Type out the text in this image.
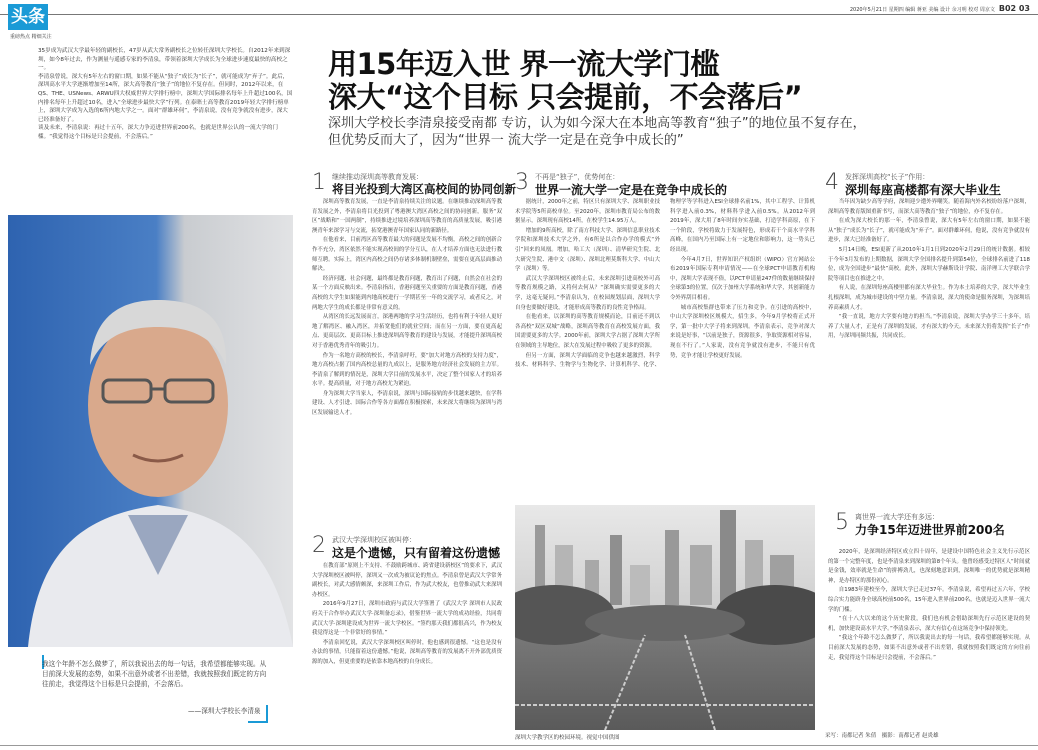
头条
重磅热点 精细关注
2020年5月21日 星期四 编辑 蒋亚 美编 设计 余习明 校对 周京文 B02 03

35岁成为武汉大学最年轻的副校长，47岁从武大常务副校长之位转任深圳大学校长。自2012年来到深圳，如今8年过去，作为测量与遥感专家的李清泉，带领着深圳大学成长为全球进步速度最快的高校之一。

李清泉曾说，深大有5年左右的窗口期，如果不能从“独子”成长为“长子”，就可能成为“弃子”。此后，深圳高水平大学逐渐增加至14所，深大高等教育“独子”的地位不复存在。但同时，2012年以来，在QS、THE、USNews、ARWU四大权威世界大学排行榜中，深圳大学国际排名每年上升超过100名，国内排名每年上升超过10名，进入“全球进步最快大学”行列。在泰晤士高等教育2019年轻大学排行榜单上，深圳大学成为入选的6所内地大学之一。面对“群雄环伺”，李清泉说，没有竞争就没有进步，深大已经准备好了。

谈及未来，李清泉说：再过十五年，深大力争迈进世界前200名，也就是世界公认的一流大学的门槛。“我觉得这个目标是只会提前，不会落后。”

用15年迈入世 界一流大学门槛
深大“这个目标 只会提前，不会落后”
深圳大学校长李清泉接受南都 专访，认为如今深大在本地高等教育“独子”的地位虽不复存在，
但优势反而大了，因为“世界一 流大学一定是在竞争中成长的”
我这个年龄不怎么做梦了，所以我说出去的每一句话，我希望都能够实现。从目前深大发展的态势，如果不出意外或者不出差错，我就按照我们既定的方向往前走，我觉得这个目标是只会提前，不会落后。
——深圳大学校长李清泉
1 继续推动深圳高等教育发展：
将目光投到大湾区高校间的协同创新

深圳高等教育发展，一直是李清泉持续关注的议题。在继续推动深圳高等教育发展之外，李清泉将目光投到了粤港澳大湾区高校之间的协同创新，服务“双区”战略和“一国两制”，持续推进过境培养深圳高等教育的高质量发展，吸引港澳青年来深学习与交流，拓宽港澳青年国家认同的新路径。

在他看来，目前湾区高等教育最大的问题是发展不均衡，高校之间的创新合作不充分，湾区依然不能实现高校间的学分互认，在人才培养方面也无法进行教师互聘。实际上，湾区内高校之间仍存诸多体制机制壁垒，需要在更高层面推动解决。

经济问题、社会问题，最终都是教育问题，教育出了问题，自然会在社会的某一个方面反映出来。李清泉指出，香港问题至关重要的方面是教育问题，香港高校的大学生如果能到内地高校进行一学期甚至一年的交流学习，或者反之，对两地大学生的成长都是非常有意义的。

从湾区的长远发展而言，深港两地的学习生活经历，也将有利于年轻人更好地了解湾区、融入湾区，并拓宽他们的就业空间；而在另一方面，要在更高起点、更高层次、更高目标上推进深圳高等教育的建设与发展，才能提升深圳高校对于香港优秀青年的吸引力。

作为一名地方高校的校长，李清泉呼吁，要“加大对地方高校的支持力度”，地方高校占据了国内高校总量的九成以上，是服务地方经济社会发展的主力军。李清泉了解到的情况是，深圳大学目前的发展水平，决定了整个国家人才的培养水平。提高质量，对于地方高校尤为紧迫。

身为深圳大学当家人，李清泉说，深圳与国际接轨的步伐越来越快，在学科建设、人才引进、国际合作等各方面都在积极探索，未来深大将继续为深圳与湾区发展输送人才。

2 武汉大学深圳校区被叫停：
这是个遗憾，只有留着这份遗憾

在教育部“原则上不支持、不鼓励跨城市、跨省建设新校区”的要求下，武汉大学深圳校区被叫停，深圳又一次成为被议论的焦点。李清泉曾是武汉大学常务副校长，对武大感情颇深，来深圳工作后，作为武大校友，也曾推动武大来深圳办校区。

2016年9月27日，深圳市政府与武汉大学签署了《武汉大学 深圳市人民政府关于合作举办武汉大学·深圳备忘录》，借鉴世界一流大学的成功经验，共同将武汉大学·深圳建设成为世界一流大学校区。“签约那天我们都很高兴，作为校友我觉得这是一个非常好的事情。”

李清泉回忆说，武汉大学深圳校区叫停时，他也感到很遗憾。“这也是没有办法的事情，只能留着这份遗憾。”他说，深圳高等教育的发展离不开外部优质资源的加入，但更重要的是依靠本地高校的自身成长。

3 不再是“独子”，优势何在：
世界一流大学一定是在竞争中成长的

据统计，2000年之前，特区只有深圳大学、深圳职业技术学院等5所高校单位。至2020年，深圳市教育局公布的数据显示，深圳现有高校14所，在校学生14.95万人。

增加的9所高校，除了南方科技大学、深圳信息职业技术学院和深圳技术大学之外，有6所是以合作办学的模式“外引”回来的凤凰。增加，哈工大（深圳）、清华研究生院、北大研究生院、港中文（深圳）、深圳北理莫斯科大学、中山大学（深圳）等。

武汉大学深圳校区被终止后，未来深圳引进高校外可高等教育规模之路，又将何去何从？“深圳确实需要更多的大学，这毫无疑问。”李清泉认为，在校园规划层面，深圳大学自身也要做好建设，才能形成高等教育的良性竞争格局。

在他看来，以深圳的高等教育规模而论，目前还不到以各高校“双区双城”战略，深圳高等教育在高校发展方面，我国需要更多的大学。2000年前，深圳大学占据了深圳大学所在领域的主导地位，深大在发展过程中吸收了更多的资源。

但另一方面，深圳大学面临的竞争也越来越激烈，科学技术、材料科学、生物学与生物化学、计算机科学、化学、物理学等学科进入ESI全球排名前1%，其中工程学、计算机科学进入前0.3%，材料科学进入前0.5%。从2012年到2019年，深大用了8年时间夯实基础，打造学科高原，在下一个阶段，学校将致力于发展特色，形成若干个高水平学科高峰，在国内乃至国际上有一定地位和影响力，这一势头已经出现。

今年4月7日，世界知识产权组织（WIPO）官方网站公布2019年国际专利申请情况——在全球PCT申请教育机构中，深圳大学表现不俗，以PCT申请量247件的数量继续保持全球第3的位置，仅次于加州大学系统和华大学，其创新能力令外界刮目相看。

城市高校集群也带来了压力和竞争。在引进的高校中，中山大学深圳校区规模大，招生多，今年9月学校将正式开学，第一批中大学子将来到深圳。李清泉表示，竞争对深大来说是好事，“以前是独子，资源很多，争取资源相对容易，现在不行了。”人家说，没有竞争就没有进步，不能只有优势，竞争才能让学校更好发展。

深圳大学教学区的校园环境。视觉中国供图
4 发挥深圳高校“长子”作用：
深圳每座高楼都有深大毕业生

当年因为缺少高等学府，深圳迎少遭外界嘲笑。随着海内外名校纷纷落户深圳，深圳高等教育版图重新书写，而深大高等教育“独子”的地位，亦不复存在。

在成为深大校长的那一年，李清泉曾说，深大有5年左右的窗口期，如果不能从“独子”成长为“长子”，就可能成为“弃子”。面对群雄环伺，他说，没有竞争就没有进步，深大已经准备好了。

5月14日晚，ESI更新了从2010年1月1日到2020年2月29日的统计数据。相较于今年3月发布的上期数据，深圳大学全国排名提升到第54位，全球排名前进了118位，成为全国进步“最快”高校。此外，深圳大学赫斯设计学院、南洋理工大学联合学院等项目也在推进之中。

有人说，在深圳每座高楼里都有深大毕业生。作为本土培养的大学，深大毕业生扎根深圳，成为城市建设的中坚力量。李清泉说，深大的使命是服务深圳，为深圳培养高素质人才。

“我一直说，地方大学要有地方的担当。”李清泉说，深圳大学办学三十多年，培养了大量人才，正是有了深圳的发展，才有深大的今天。未来深大仍将发挥“长子”作用，与深圳同频共振，共同成长。

5 离世界一流大学还有多远：
力争15年迈进世界前200名

2020年，是深圳经济特区成立四十周年，是建设中国特色社会主义先行示范区的第一个完整年度，也是李清泉来到深圳的第8个年头。他曾经感受过特区人“时间就是金钱，效率就是生命”的拼搏劲儿，也深刻地意识到，深圳唯一的优势就是深圳精神，是办特区的那份初心。

自1983年建校至今，深圳大学已走过37年。李清泉说，希望再过五六年，学校综合实力能跻身全球高校前500名，15年进入世界前200名，也就是迈入世界一流大学的门槛。

“在十八大以来的这个历史阶段，我们也有机会借助深圳先行示范区建设的契机，加快建设高水平大学。”李清泉表示，深大有信心在这场竞争中保持领先。

“我这个年龄不怎么做梦了，所以我说出去的每一句话，我希望都能够实现。从目前深大发展的态势，如果不出意外或者不出差错，我就按照我们既定的方向往前走，我觉得这个目标是只会提前，不会落后。”

采写：南都记者 朱倩　摄影：南都记者 赵炎雄
